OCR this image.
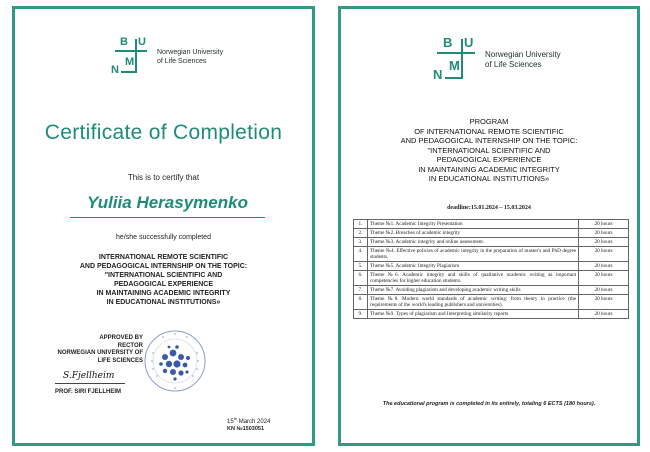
B U
N
M
Norwegian University
of Life Sciences
Certificate of Completion
This is to certify that
Yuliia Herasymenko
he/she successfully completed
INTERNATIONAL REMOTE SCIENTIFIC
AND PEDAGOGICAL INTERNSHIP ON THE TOPIC:
"INTERNATIONAL SCIENTIFIC AND
PEDAGOGICAL EXPERIENCE
IN MAINTAINING ACADEMIC INTEGRITY
IN EDUCATIONAL INSTITUTIONS»
APPROVED BY
RECTOR
NORWEGIAN UNIVERSITY OF
LIFE SCIENCES
S.Fjellheim
PROF. SIRI FJELLHEIM
15th March 2024
KN №1503051
B U
N
M
Norwegian University
of Life Sciences
PROGRAM
OF INTERNATIONAL REMOTE SCIENTIFIC
AND PEDAGOGICAL INTERNSHIP ON THE TOPIC:
"INTERNATIONAL SCIENTIFIC AND
PEDAGOGICAL EXPERIENCE
IN MAINTAINING ACADEMIC INTEGRITY
IN EDUCATIONAL INSTITUTIONS»
deadline:15.01.2024 – 15.03.2024
1.	Theme №1. Academic Integrity Presentation	20 hours
2.	Theme №2. Breaches of academic integrity	20 hours
3.	Theme №3. Academic integrity and online assessment.	20 hours
4.	Theme №4. Effective policies of academic integrity in the preparation of master's and PhD degree students.	20 hours
5.	Theme №5. Academic Integrity Plagiarism	20 hours
6.	Theme №6. Academic integrity and skills of qualitative academic writing as important competencies for higher education students.	20 hours
7.	Theme №7. Avoiding plagiarism and developing academic writing skills	20 hours
8.	Theme №8. Modern world standards of academic writing: from theory to practice (the requirements of the world's leading publishers and universities).	20 hours
9.	Theme №9. Types of plagiarism and Interpreting similarity reports	20 hours
The educational program is completed in its entirely, totaling 6 ECTS (180 hours).
